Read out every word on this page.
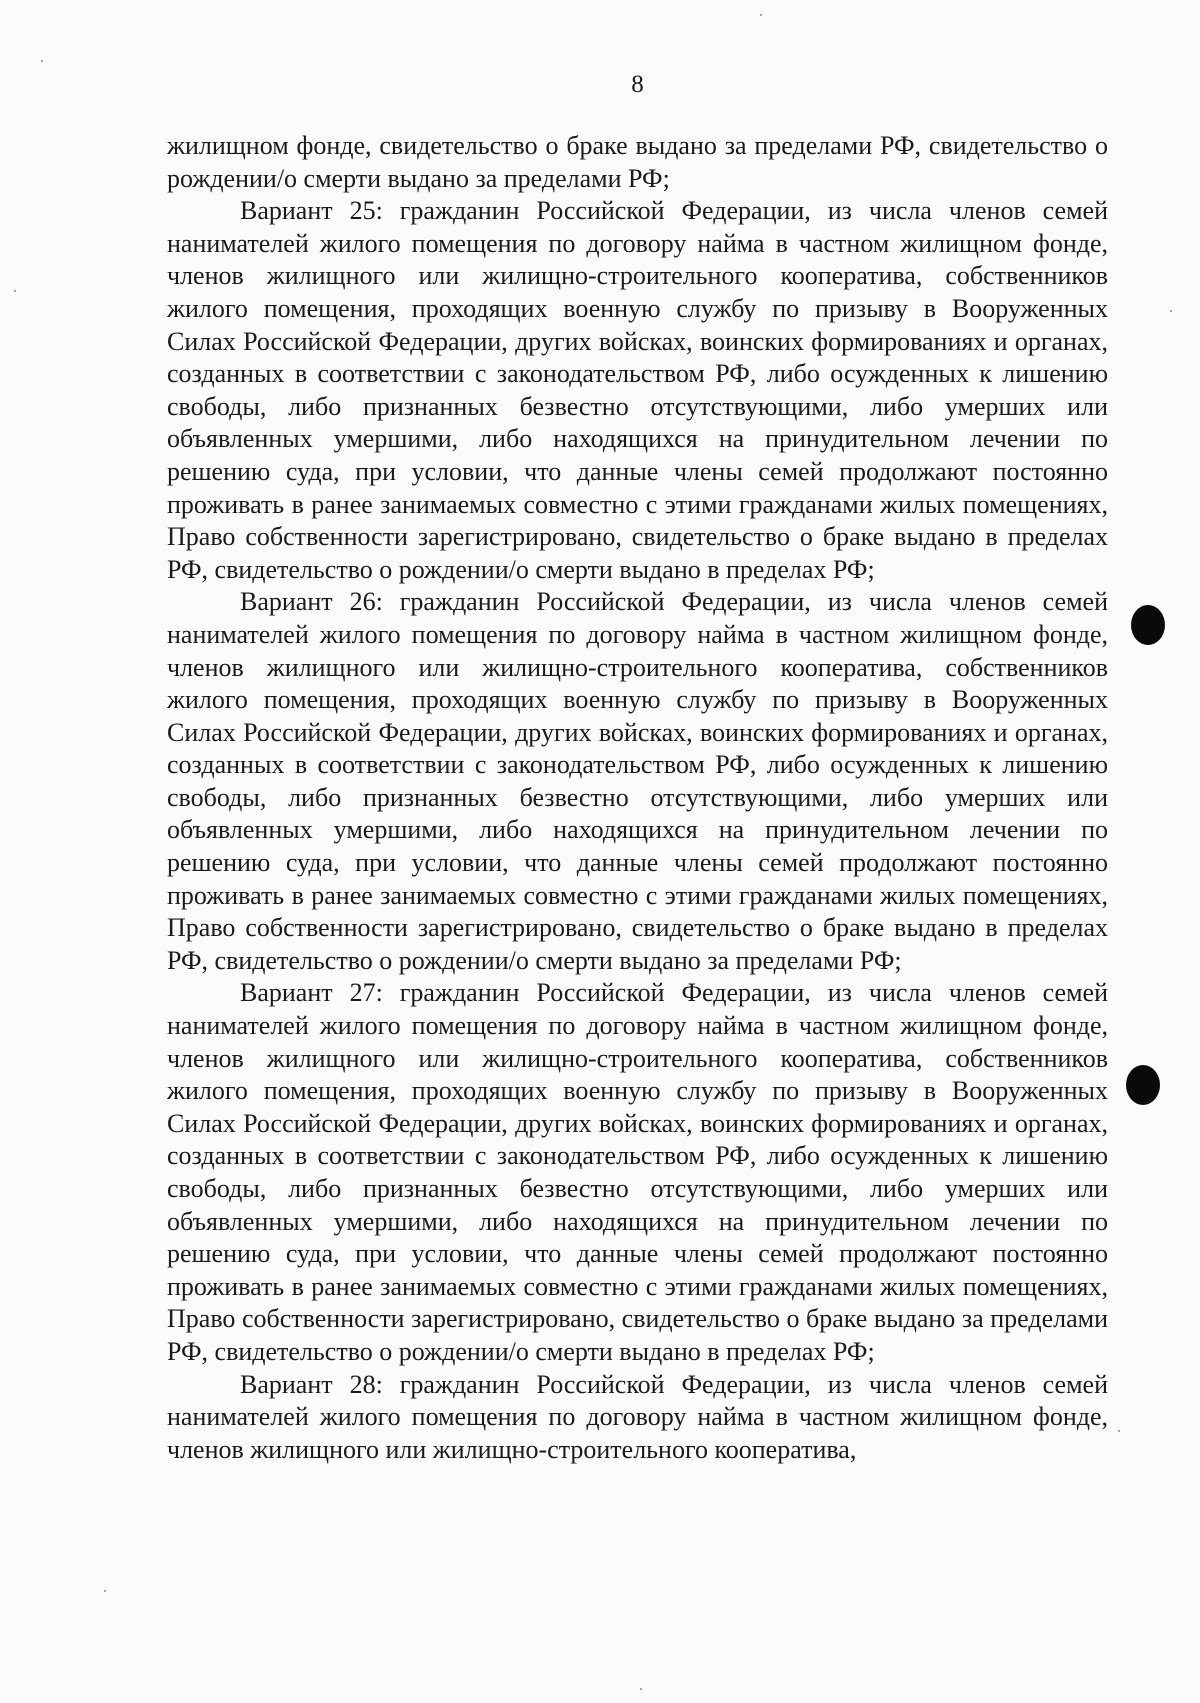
8

жилищном фонде, свидетельство о браке выдано за пределами РФ, свидетельство о рождении/о смерти выдано за пределами РФ;

Вариант 25: гражданин Российской Федерации, из числа членов семей нанимателей жилого помещения по договору найма в частном жилищном фонде, членов жилищного или жилищно-строительного кооператива, собственников жилого помещения, проходящих военную службу по призыву в Вооруженных Силах Российской Федерации, других войсках, воинских формированиях и органах, созданных в соответствии с законодательством РФ, либо осужденных к лишению свободы, либо признанных безвестно отсутствующими, либо умерших или объявленных умершими, либо находящихся на принудительном лечении по решению суда, при условии, что данные члены семей продолжают постоянно проживать в ранее занимаемых совместно с этими гражданами жилых помещениях, Право собственности зарегистрировано, свидетельство о браке выдано в пределах РФ, свидетельство о рождении/о смерти выдано в пределах РФ;

Вариант 26: гражданин Российской Федерации, из числа членов семей нанимателей жилого помещения по договору найма в частном жилищном фонде, членов жилищного или жилищно-строительного кооператива, собственников жилого помещения, проходящих военную службу по призыву в Вооруженных Силах Российской Федерации, других войсках, воинских формированиях и органах, созданных в соответствии с законодательством РФ, либо осужденных к лишению свободы, либо признанных безвестно отсутствующими, либо умерших или объявленных умершими, либо находящихся на принудительном лечении по решению суда, при условии, что данные члены семей продолжают постоянно проживать в ранее занимаемых совместно с этими гражданами жилых помещениях, Право собственности зарегистрировано, свидетельство о браке выдано в пределах РФ, свидетельство о рождении/о смерти выдано за пределами РФ;

Вариант 27: гражданин Российской Федерации, из числа членов семей нанимателей жилого помещения по договору найма в частном жилищном фонде, членов жилищного или жилищно-строительного кооператива, собственников жилого помещения, проходящих военную службу по призыву в Вооруженных Силах Российской Федерации, других войсках, воинских формированиях и органах, созданных в соответствии с законодательством РФ, либо осужденных к лишению свободы, либо признанных безвестно отсутствующими, либо умерших или объявленных умершими, либо находящихся на принудительном лечении по решению суда, при условии, что данные члены семей продолжают постоянно проживать в ранее занимаемых совместно с этими гражданами жилых помещениях, Право собственности зарегистрировано, свидетельство о браке выдано за пределами РФ, свидетельство о рождении/о смерти выдано в пределах РФ;

Вариант 28: гражданин Российской Федерации, из числа членов семей нанимателей жилого помещения по договору найма в частном жилищном фонде, членов жилищного или жилищно-строительного кооператива,
